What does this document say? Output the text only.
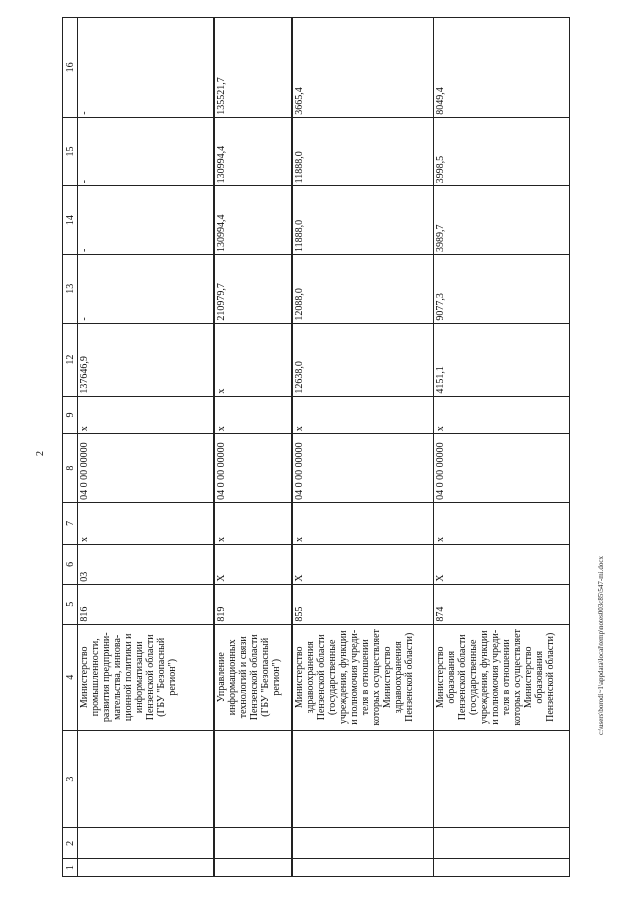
2
1	2	3	4	5	6	7	8	9	12	13	14	15	16
			Министерство промышленности, развития предприни-мательства, иннова-ционной политики и информатизации Пензенской области (ГБУ "Безопасный регион")	816	03	х	04 0 00 00000	х	137646,9	-	-	-	-
			Управление информационных технологий и связи Пензенской области (ГБУ "Безопасный регион")	819	Х	х	04 0 00 00000	х	х	210979,7	130994,4	130994,4	135521,7
			Министерство здравоохранения Пензенской области (государственные учреждения, функции и полномочия учреди-теля в отношении которых осуществляет Министерство здравоохранения Пензенской области)	855	Х	х	04 0 00 00000	х	12638,0	12088,0	11888,0	11888,0	3665,4
			Министерство образования Пензенской области (государственные учреждения, функции и полномочия учреди-теля в отношении которых осуществляет Министерство образования Пензенской области)	874	Х	х	04 0 00 00000	х	4151,1	9077,3	3989,7	3998,5	8049,4
c:\users\borodi~1\appdata\local\temp\notes003c85\547-mi.docx
